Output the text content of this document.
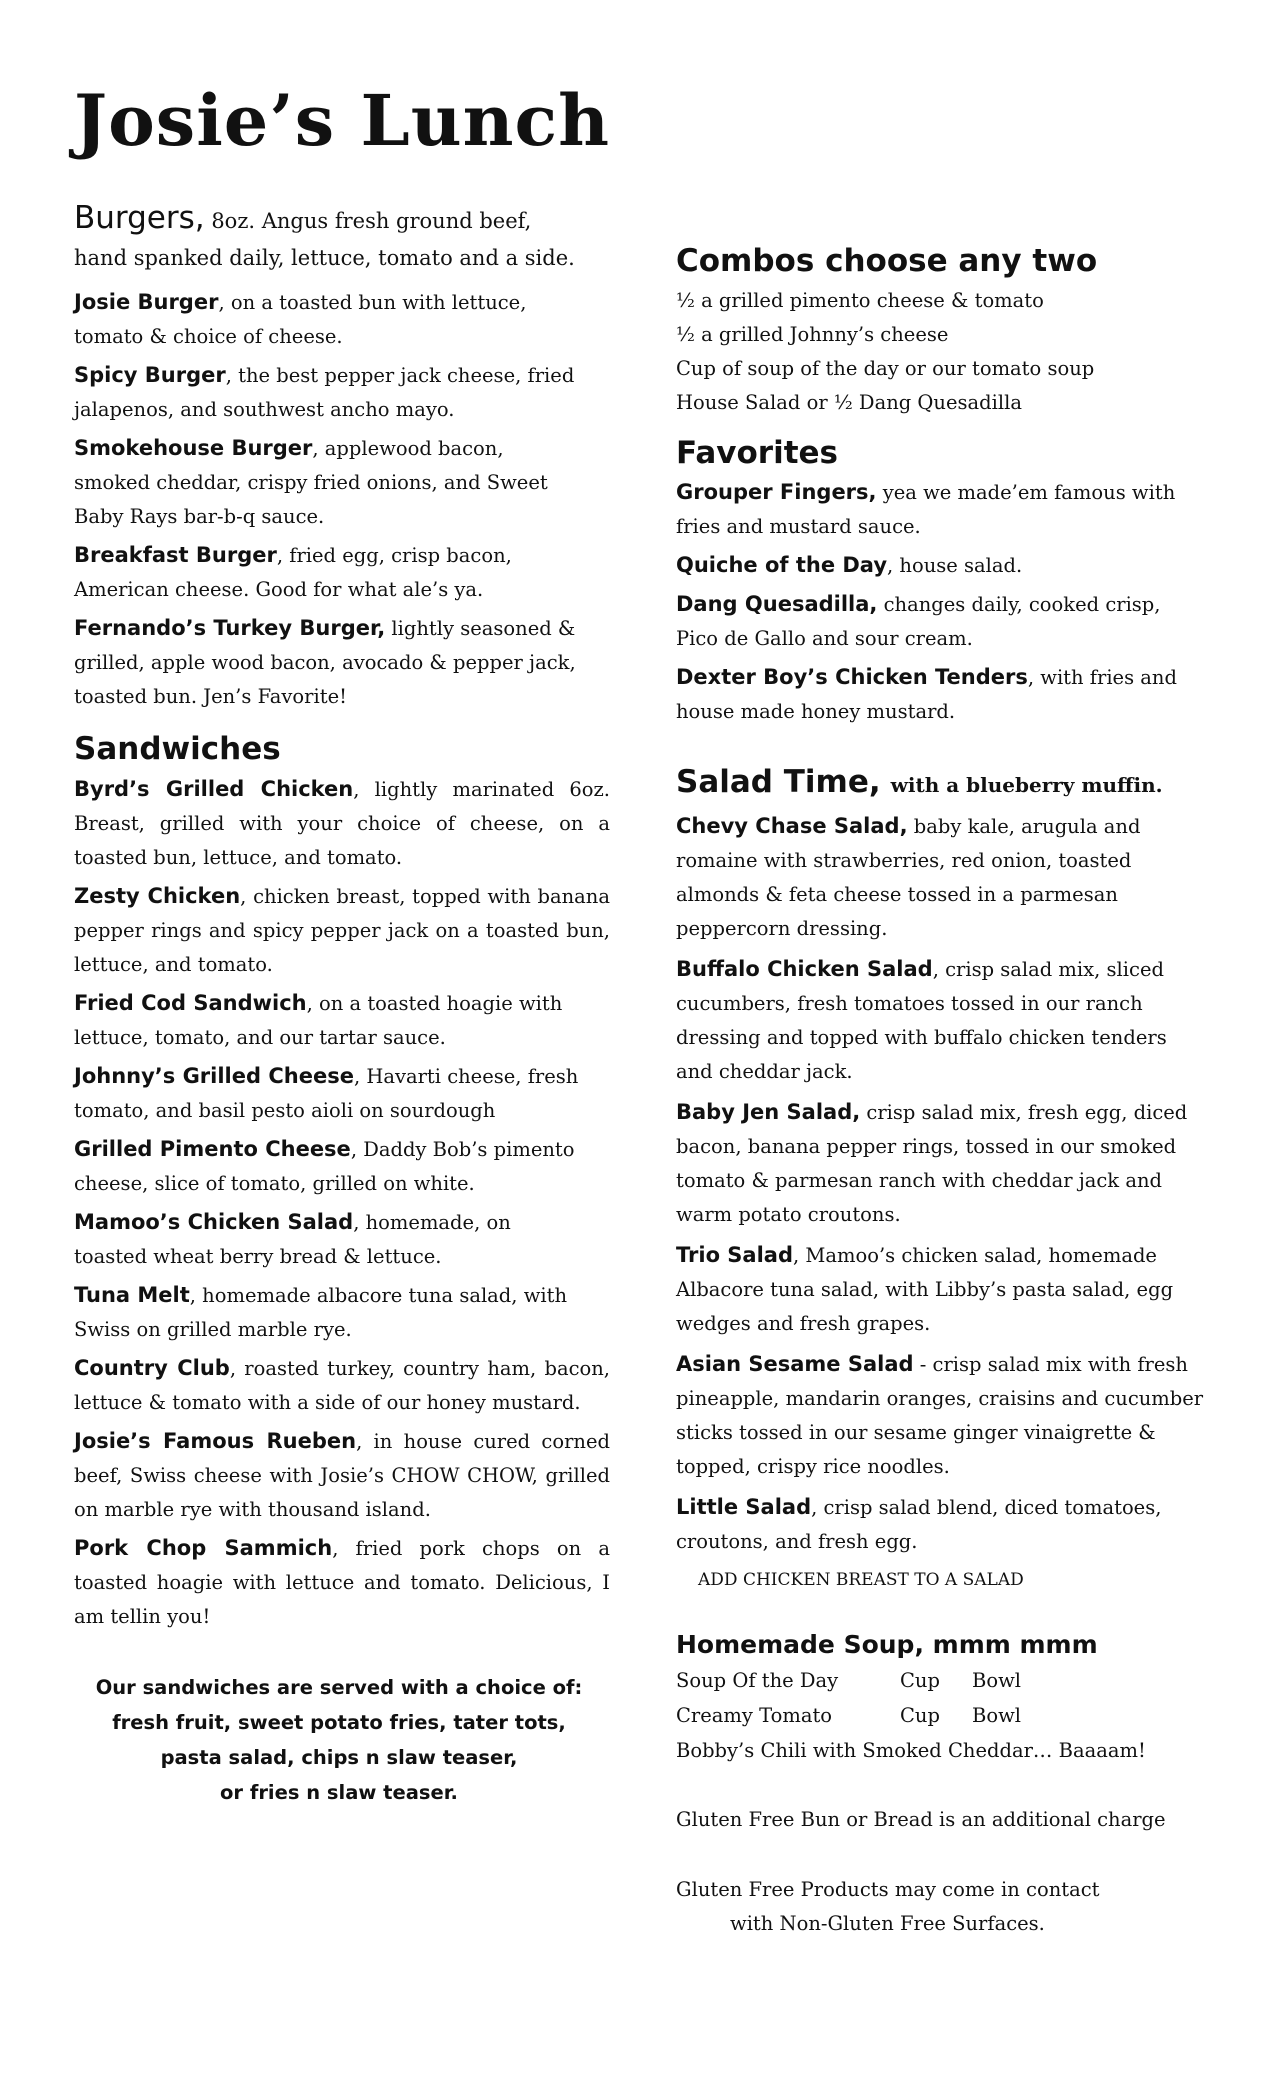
Josie’s Lunch

Burgers, 8oz. Angus fresh ground beef,

hand spanked daily, lettuce, tomato and a side.

Josie Burger, on a toasted bun with lettuce, tomato & choice of cheese.

Spicy Burger, the best pepper jack cheese, fried jalapenos, and southwest ancho mayo.

Smokehouse Burger, applewood bacon, smoked cheddar, crispy fried onions, and Sweet Baby Rays bar-b-q sauce.

Breakfast Burger, fried egg, crisp bacon, American cheese. Good for what ale’s ya.

Fernando’s Turkey Burger, lightly seasoned & grilled, apple wood bacon, avocado & pepper jack, toasted bun. Jen’s Favorite!

Sandwiches

Byrd’s Grilled Chicken, lightly marinated 6oz. Breast, grilled with your choice of cheese, on a toasted bun, lettuce, and tomato.

Zesty Chicken, chicken breast, topped with banana pepper rings and spicy pepper jack on a toasted bun, lettuce, and tomato.

Fried Cod Sandwich, on a toasted hoagie with lettuce, tomato, and our tartar sauce.

Johnny’s Grilled Cheese, Havarti cheese, fresh tomato, and basil pesto aioli on sourdough

Grilled Pimento Cheese, Daddy Bob’s pimento cheese, slice of tomato, grilled on white.

Mamoo’s Chicken Salad, homemade, on toasted wheat berry bread & lettuce.

Tuna Melt, homemade albacore tuna salad, with Swiss on grilled marble rye.

Country Club, roasted turkey, country ham, bacon, lettuce & tomato with a side of our honey mustard.

Josie’s Famous Rueben, in house cured corned beef, Swiss cheese with Josie’s CHOW CHOW, grilled on marble rye with thousand island.

Pork Chop Sammich, fried pork chops on a toasted hoagie with lettuce and tomato. Delicious, I am tellin you!

Our sandwiches are served with a choice of:

fresh fruit, sweet potato fries, tater tots,

pasta salad, chips n slaw teaser,

or fries n slaw teaser.

Combos choose any two

½ a grilled pimento cheese & tomato

½ a grilled Johnny’s cheese

Cup of soup of the day or our tomato soup

House Salad or ½ Dang Quesadilla

Favorites

Grouper Fingers, yea we made’em famous with fries and mustard sauce.

Quiche of the Day, house salad.

Dang Quesadilla, changes daily, cooked crisp, Pico de Gallo and sour cream.

Dexter Boy’s Chicken Tenders, with fries and house made honey mustard.

Salad Time, with a blueberry muffin.

Chevy Chase Salad, baby kale, arugula and romaine with strawberries, red onion, toasted almonds & feta cheese tossed in a parmesan peppercorn dressing.

Buffalo Chicken Salad, crisp salad mix, sliced cucumbers, fresh tomatoes tossed in our ranch dressing and topped with buffalo chicken tenders and cheddar jack.

Baby Jen Salad, crisp salad mix, fresh egg, diced bacon, banana pepper rings, tossed in our smoked tomato & parmesan ranch with cheddar jack and warm potato croutons.

Trio Salad, Mamoo’s chicken salad, homemade Albacore tuna salad, with Libby’s pasta salad, egg wedges and fresh grapes.

Asian Sesame Salad - crisp salad mix with fresh pineapple, mandarin oranges, craisins and cucumber sticks tossed in our sesame ginger vinaigrette & topped, crispy rice noodles.

Little Salad, crisp salad blend, diced tomatoes, croutons, and fresh egg.

ADD CHICKEN BREAST TO A SALAD

Homemade Soup, mmm mmm

Soup Of the Day	Cup Bowl

Creamy Tomato	Cup Bowl

Bobby’s Chili with Smoked Cheddar… Baaaam!

Gluten Free Bun or Bread is an additional charge

Gluten Free Products may come in contact

with Non-Gluten Free Surfaces.
